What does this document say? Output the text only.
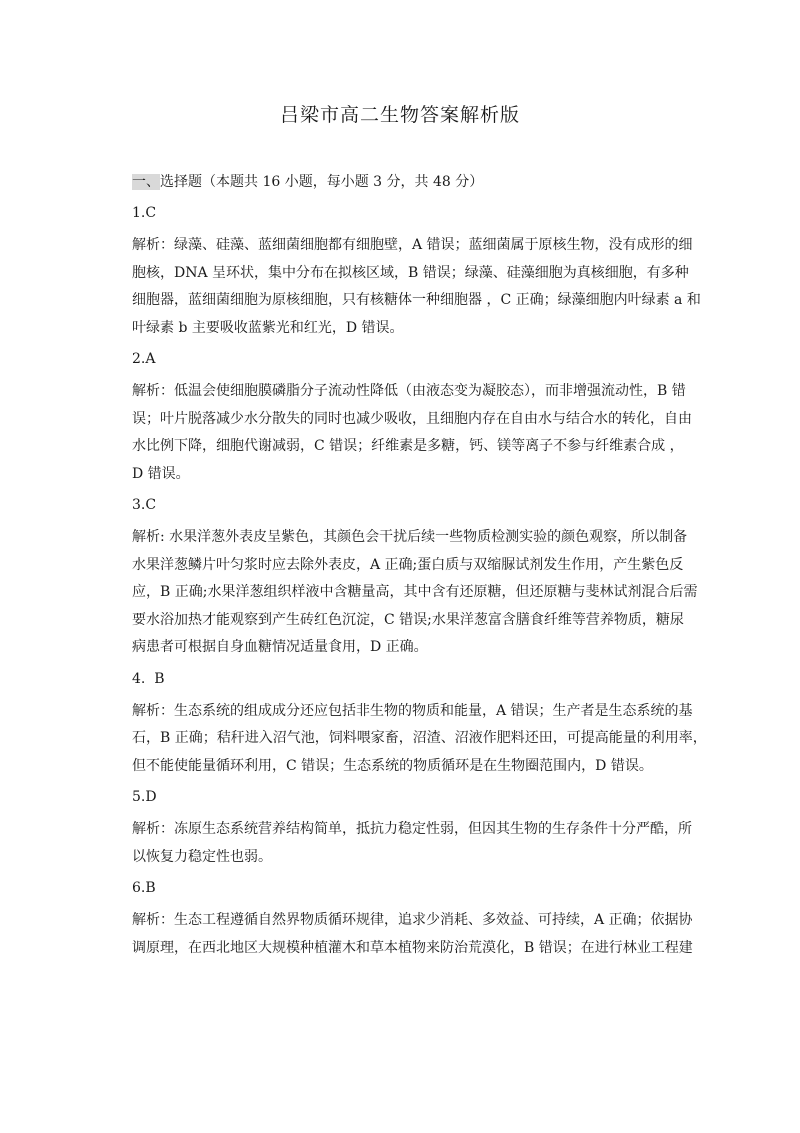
吕梁市高二生物答案解析版
一、选择题（本题共 16 小题，每小题 3 分，共 48 分）
1.C
解析：绿藻、硅藻、蓝细菌细胞都有细胞壁，A 错误；蓝细菌属于原核生物，没有成形的细
胞核，DNA 呈环状，集中分布在拟核区域，B 错误；绿藻、硅藻细胞为真核细胞，有多种
细胞器，蓝细菌细胞为原核细胞，只有核糖体一种细胞器 ，C 正确；绿藻细胞内叶绿素 a 和
叶绿素 b 主要吸收蓝紫光和红光，D 错误。
2.A
解析：低温会使细胞膜磷脂分子流动性降低（由液态变为凝胶态），而非增强流动性，B 错
误；叶片脱落减少水分散失的同时也减少吸收，且细胞内存在自由水与结合水的转化，自由
水比例下降，细胞代谢减弱，C 错误；纤维素是多糖，钙、镁等离子不参与纤维素合成 ，
D 错误。
3.C
解析: 水果洋葱外表皮呈紫色，其颜色会干扰后续一些物质检测实验的颜色观察，所以制备
水果洋葱鳞片叶匀浆时应去除外表皮，A 正确;蛋白质与双缩脲试剂发生作用，产生紫色反
应，B 正确;水果洋葱组织样液中含糖量高，其中含有还原糖，但还原糖与斐林试剂混合后需
要水浴加热才能观察到产生砖红色沉淀，C 错误;水果洋葱富含膳食纤维等营养物质，糖尿
病患者可根据自身血糖情况适量食用，D 正确。
4.  B
解析：生态系统的组成成分还应包括非生物的物质和能量，A 错误；生产者是生态系统的基
石，B 正确；秸秆进入沼气池，饲料喂家畜，沼渣、沼液作肥料还田，可提高能量的利用率，
但不能使能量循环利用，C 错误；生态系统的物质循环是在生物圈范围内，D 错误。
5.D
解析：冻原生态系统营养结构简单，抵抗力稳定性弱，但因其生物的生存条件十分严酷，所
以恢复力稳定性也弱。
6.B
解析：生态工程遵循自然界物质循环规律，追求少消耗、多效益、可持续，A 正确；依据协
调原理，在西北地区大规模种植灌木和草本植物来防治荒漠化，B 错误；在进行林业工程建
